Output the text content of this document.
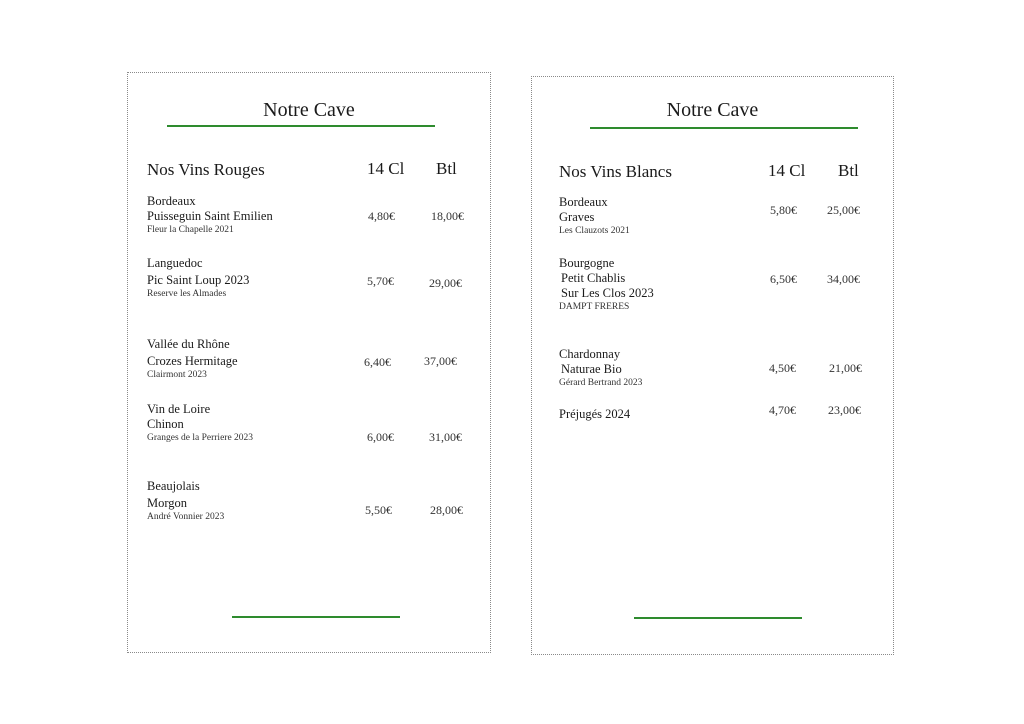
Notre Cave
Nos Vins Rouges	14 Cl Btl
Bordeaux
Puisseguin Saint Emilien
Fleur la Chapelle 2021
4,80€	18,00€
Languedoc
Pic Saint Loup 2023
Reserve les Almades
5,70€	29,00€
Vallée du Rhône
Crozes Hermitage
Clairmont 2023
6,40€	37,00€
Vin de Loire
Chinon
Granges de la Perriere 2023	6,00€	31,00€
Beaujolais
Morgon
André Vonnier 2023	5,50€	28,00€
Notre Cave
Nos Vins Blancs	14 Cl Btl
Bordeaux
Graves
Les Clauzots 2021
5,80€	25,00€
Bourgogne
Petit Chablis
Sur Les Clos 2023
DAMPT FRERES
6,50€	34,00€
Chardonnay
Naturae Bio
Gérard Bertrand 2023
4,50€	21,00€
Préjugés 2024	4,70€	23,00€
